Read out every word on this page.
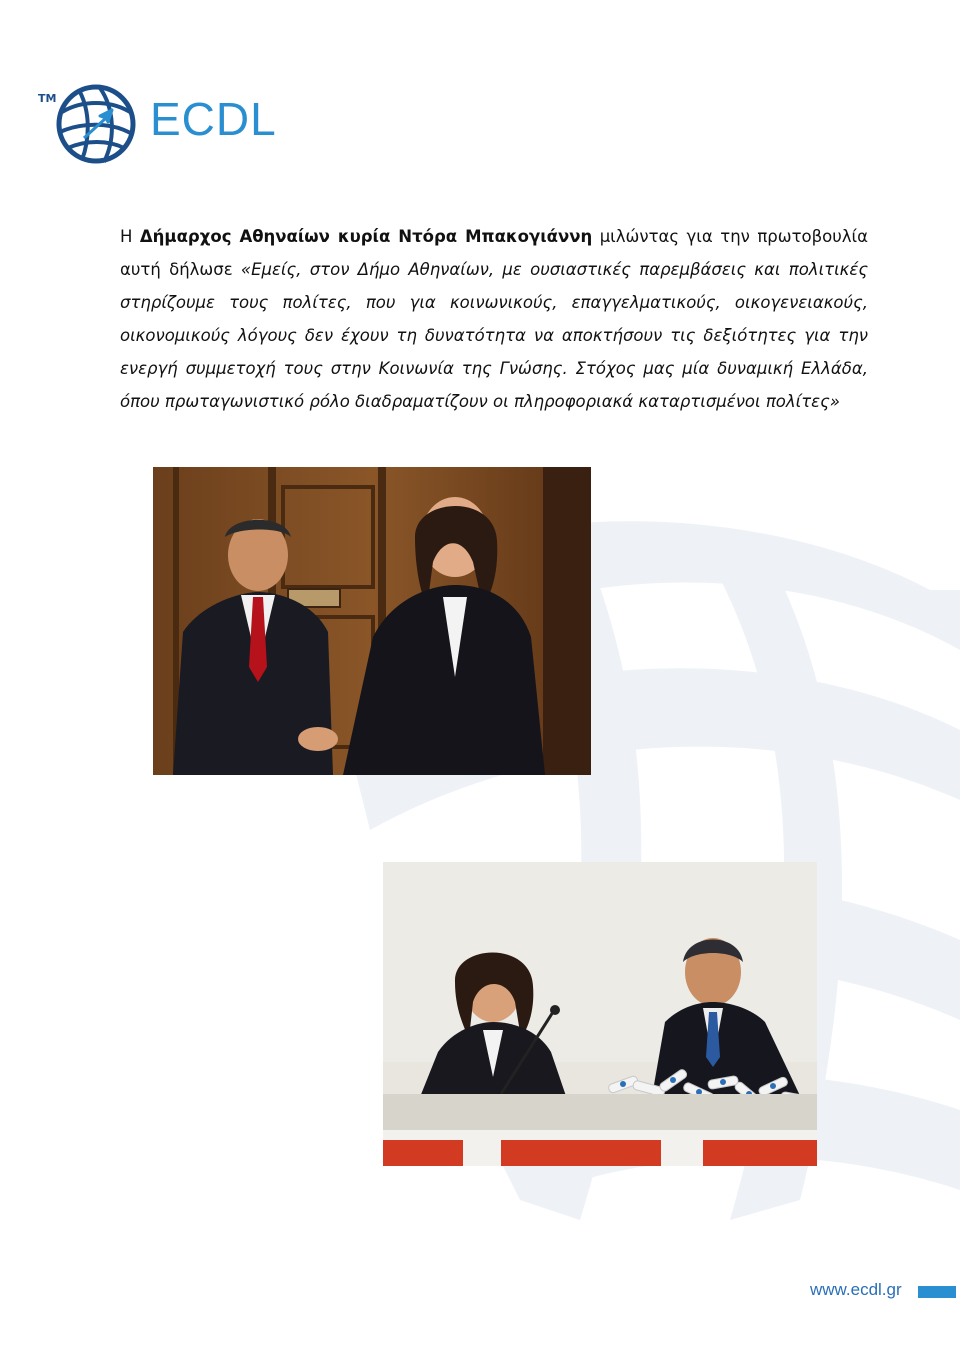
TM ECDL
Η Δήμαρχος Αθηναίων κυρία Ντόρα Μπακογιάννη μιλώντας για την πρωτοβουλία αυτή δήλωσε «Εμείς, στον Δήμο Αθηναίων, με ουσιαστικές παρεμβάσεις και πολιτικές στηρίζουμε τους πολίτες, που για κοινωνικούς, επαγγελματικούς, οικογενειακούς, οικονομικούς λόγους δεν έχουν τη δυνατότητα να αποκτήσουν τις δεξιότητες για την ενεργή συμμετοχή τους στην Κοινωνία της Γνώσης. Στόχος μας μία δυναμική Ελλάδα, όπου πρωταγωνιστικό ρόλο διαδραματίζουν οι πληροφοριακά καταρτισμένοι πολίτες»
www.ecdl.gr
